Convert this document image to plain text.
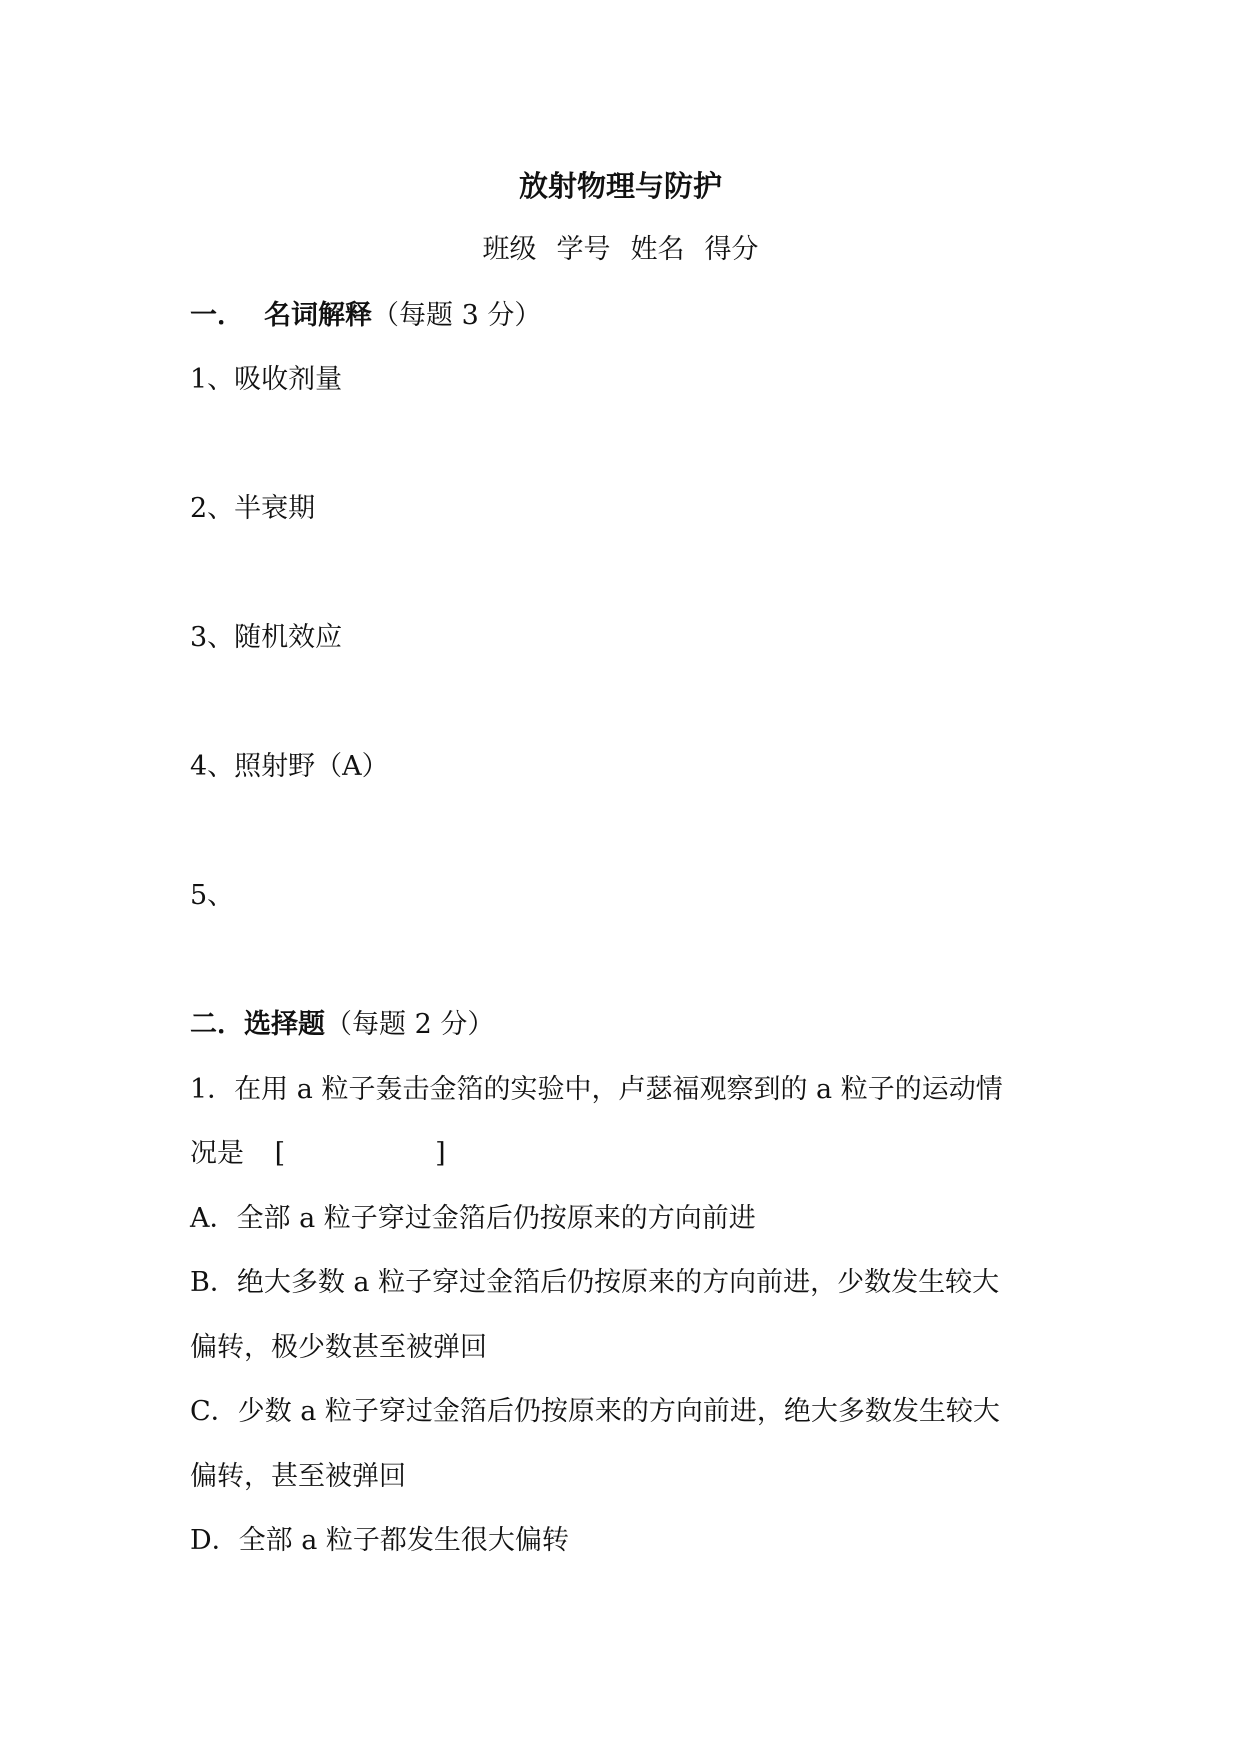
放射物理与防护
班级 学号 姓名 得分
一． 名词解释（每题 3 分）
1、吸收剂量
2、半衰期
3、随机效应
4、照射野（A）
5、
二．选择题（每题 2 分）
1．在用 a 粒子轰击金箔的实验中，卢瑟福观察到的 a 粒子的运动情
况是 [	]
A．全部 a 粒子穿过金箔后仍按原来的方向前进
B．绝大多数 a 粒子穿过金箔后仍按原来的方向前进，少数发生较大
偏转，极少数甚至被弹回
C．少数 a 粒子穿过金箔后仍按原来的方向前进，绝大多数发生较大
偏转，甚至被弹回
D．全部 a 粒子都发生很大偏转
